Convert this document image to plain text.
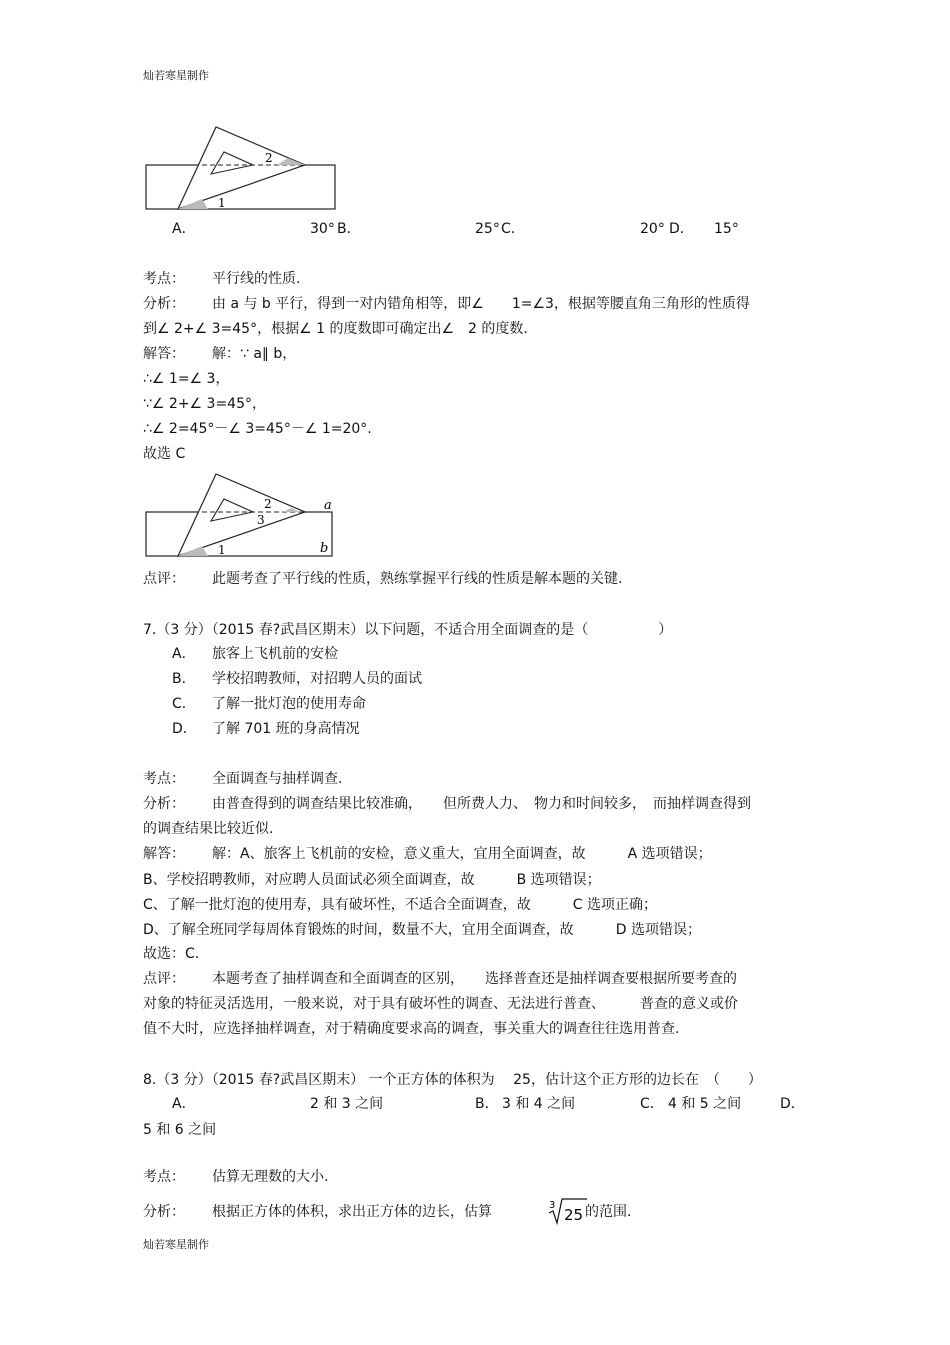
灿若寒星制作
灿若寒星制作
2
1
A．	30° B．	25° C．	20° D． 15°
考点： 平行线的性质.
分析： 由 a 与 b 平行，得到一对内错角相等，即∠　　1=∠3，根据等腰直角三角形的性质得
到∠ 2+∠ 3=45°，根据∠ 1 的度数即可确定出∠　2 的度数.
解答： 解：∵ a∥ b，
∴∠ 1=∠ 3，
∵∠ 2+∠ 3=45°，
∴∠ 2=45°－∠ 3=45°－∠ 1=20°.
故选 C
2
3
1
a
b
点评： 此题考查了平行线的性质，熟练掌握平行线的性质是解本题的关键.
7.（3 分）（2015 春?武昌区期末）以下问题，不适合用全面调查的是（　　　　　）
A． 旅客上飞机前的安检
B． 学校招聘教师，对招聘人员的面试
C． 了解一批灯泡的使用寿命
D． 了解 701 班的身高情况
考点： 全面调查与抽样调查.
分析： 由普查得到的调查结果比较准确，　　但所费人力、　物力和时间较多，　而抽样调查得到
的调查结果比较近似.
解答： 解：A、旅客上飞机前的安检，意义重大，宜用全面调查，故　　　A 选项错误；
B、学校招聘教师，对应聘人员面试必须全面调查，故　　　B 选项错误；
C、了解一批灯泡的使用寿，具有破坏性，不适合全面调查，故　　　C 选项正确；
D、了解全班同学每周体育锻炼的时间，数量不大，宜用全面调查，故　　　D 选项错误；
故选：C.
点评： 本题考查了抽样调查和全面调查的区别，　　选择普查还是抽样调查要根据所要考查的
对象的特征灵活选用，一般来说，对于具有破坏性的调查、无法进行普查、　　　普查的意义或价
值不大时，应选择抽样调查，对于精确度要求高的调查，事关重大的调查往往选用普查.
8.（3 分）（2015 春?武昌区期末） 一个正方体的体积为　 25，估计这个正方形的边长在　（　　）
A．	2 和 3 之间	B． 3 和 4 之间	C． 4 和 5 之间	D．
5 和 6 之间
考点： 估算无理数的大小.
分析： 根据正方体的体积，求出正方体的边长，估算	3
25 的范围.
